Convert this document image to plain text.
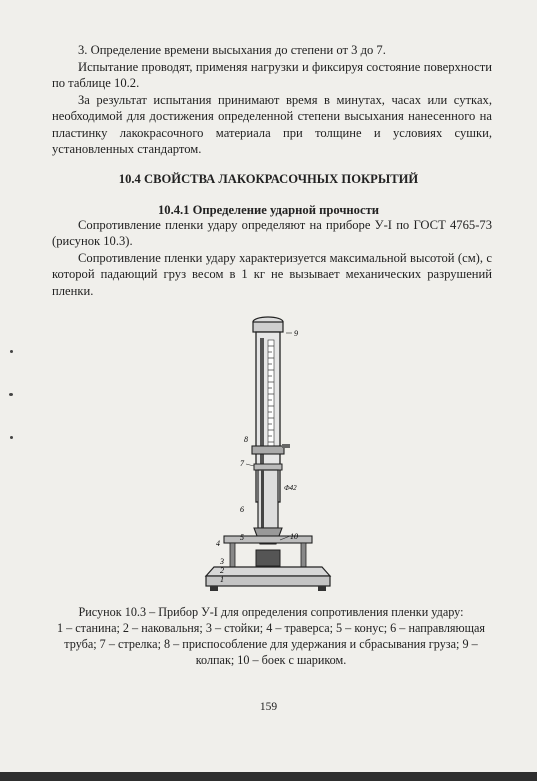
3. Определение времени высыхания до степени от 3 до 7.

Испытание проводят, применяя нагрузки и фиксируя состояние поверхности по таблице 10.2.

За результат испытания принимают время в минутах, часах или сутках, необходимой для достижения определенной степени высыхания нанесенного на пластинку лакокрасочного материала при толщине и условиях сушки, установленных стандартом.

10.4 СВОЙСТВА ЛАКОКРАСОЧНЫХ ПОКРЫТИЙ
10.4.1 Определение ударной прочности

Сопротивление пленки удару определяют на приборе У-I по ГОСТ 4765-73 (рисунок 10.3).

Сопротивление пленки удару характеризуется максимальной высотой (см), с которой падающий груз весом в 1 кг не вызывает механических разрушений пленки.

9
8
7
Ф42
6
10
5
4
3
2
1

Рисунок 10.3 – Прибор У-I для определения сопротивления пленки удару:

1 – станина; 2 – наковальня; 3 – стойки; 4 – траверса; 5 – конус; 6 – направляющая труба; 7 – стрелка; 8 – приспособление для удержания и сбрасывания груза; 9 – колпак; 10 – боек с шариком.

159
